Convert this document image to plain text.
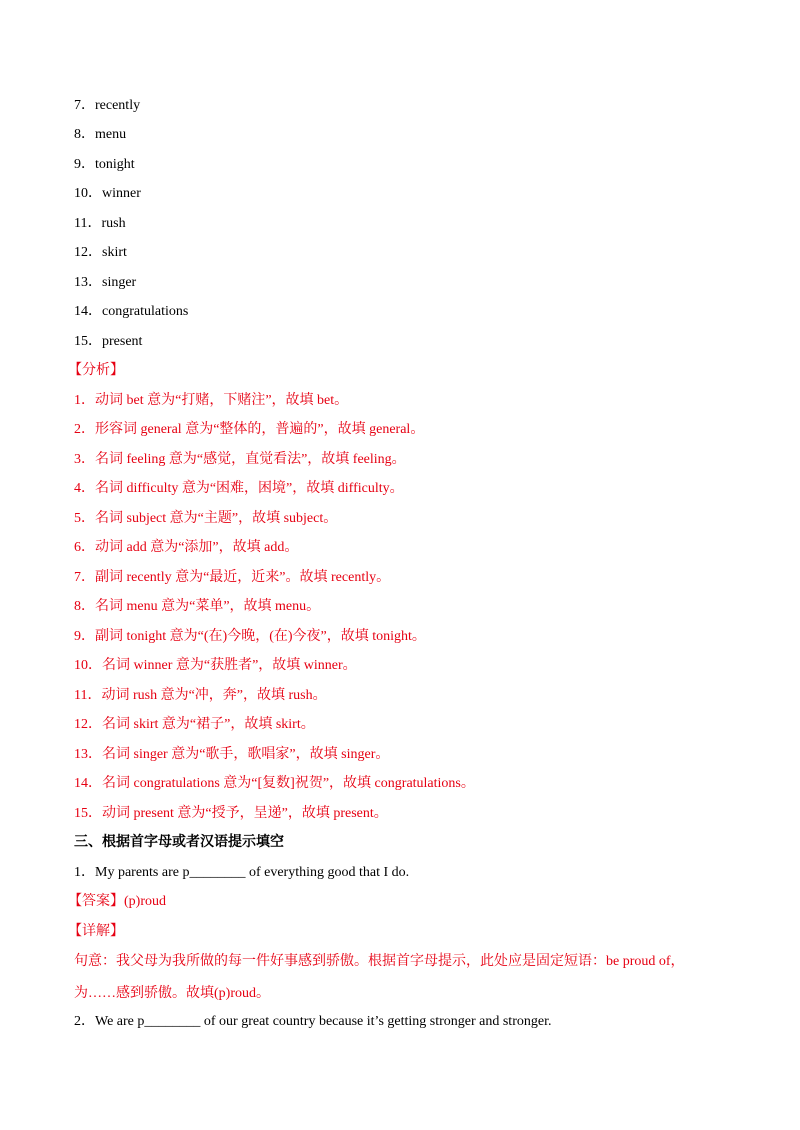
7．recently
8．menu
9．tonight
10．winner
11．rush
12．skirt
13．singer
14．congratulations
15．present
【分析】
1．动词 bet 意为“打赌，下赌注”，故填 bet。
2．形容词 general 意为“整体的，普遍的”，故填 general。
3．名词 feeling 意为“感觉，直觉看法”，故填 feeling。
4．名词 difficulty 意为“困难，困境”，故填 difficulty。
5．名词 subject 意为“主题”，故填 subject。
6．动词 add 意为“添加”，故填 add。
7．副词 recently 意为“最近，近来”。故填 recently。
8．名词 menu 意为“菜单”，故填 menu。
9．副词 tonight 意为“(在)今晚，(在)今夜”，故填 tonight。
10．名词 winner 意为“获胜者”，故填 winner。
11．动词 rush 意为“冲，奔”，故填 rush。
12．名词 skirt 意为“裙子”，故填 skirt。
13．名词 singer 意为“歌手，歌唱家”，故填 singer。
14．名词 congratulations 意为“[复数]祝贺”，故填 congratulations。
15．动词 present 意为“授予，呈递”，故填 present。
三、根据首字母或者汉语提示填空
1．My parents are p________ of everything good that I do.
【答案】(p)roud
【详解】
句意：我父母为我所做的每一件好事感到骄傲。根据首字母提示，此处应是固定短语：be proud of，
为……感到骄傲。故填(p)roud。
2．We are p________ of our great country because it’s getting stronger and stronger.
